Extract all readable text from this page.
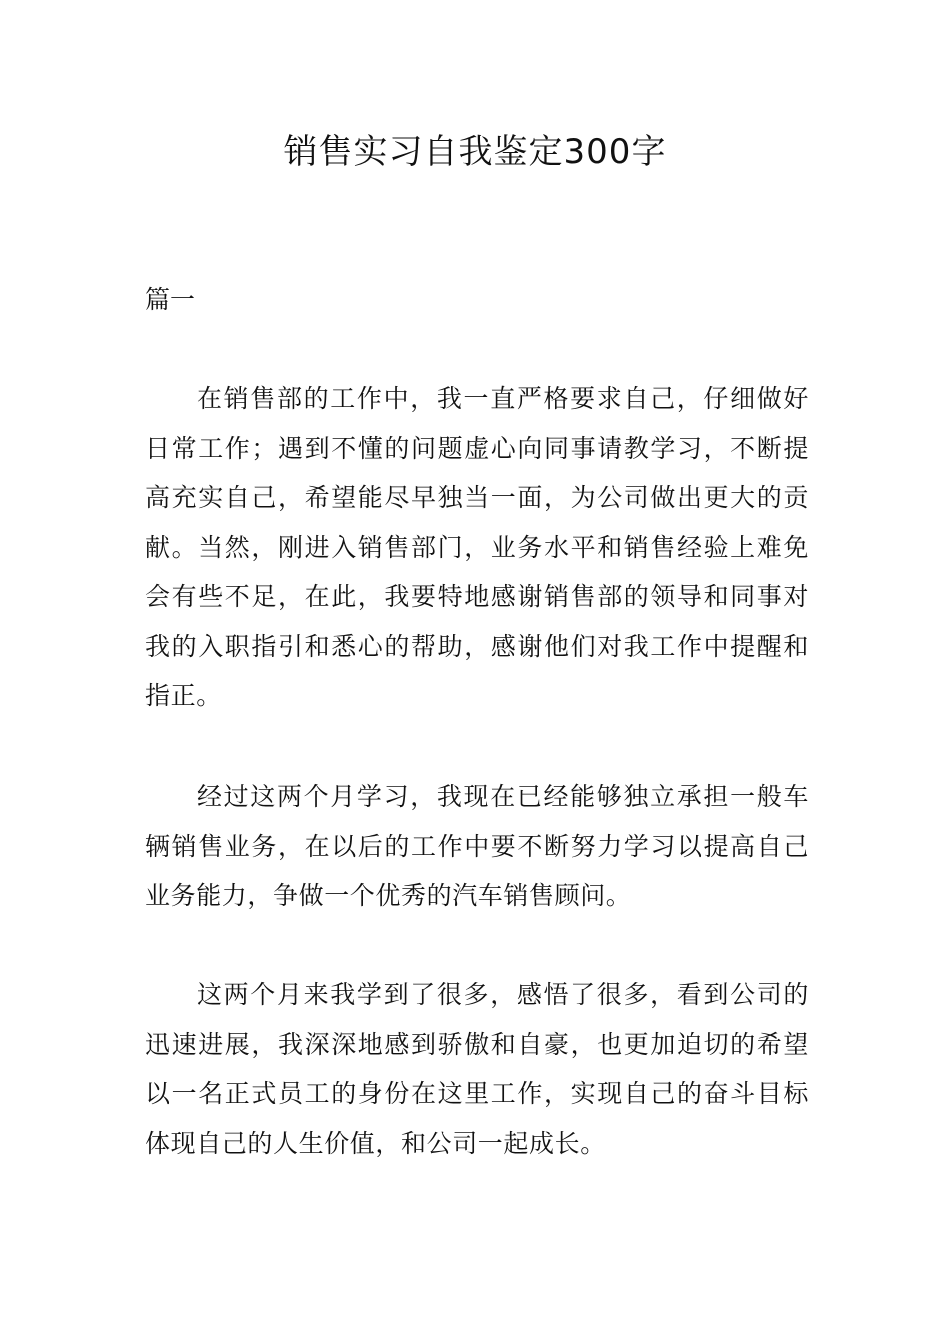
销售实习自我鉴定300字

篇一

在销售部的工作中，我一直严格要求自己，仔细做好日常工作；遇到不懂的问题虚心向同事请教学习，不断提高充实自己，希望能尽早独当一面，为公司做出更大的贡献。当然，刚进入销售部门，业务水平和销售经验上难免会有些不足，在此，我要特地感谢销售部的领导和同事对我的入职指引和悉心的帮助，感谢他们对我工作中提醒和指正。

经过这两个月学习，我现在已经能够独立承担一般车辆销售业务，在以后的工作中要不断努力学习以提高自己业务能力，争做一个优秀的汽车销售顾问。

这两个月来我学到了很多，感悟了很多，看到公司的迅速进展，我深深地感到骄傲和自豪，也更加迫切的希望以一名正式员工的身份在这里工作，实现自己的奋斗目标体现自己的人生价值，和公司一起成长。
